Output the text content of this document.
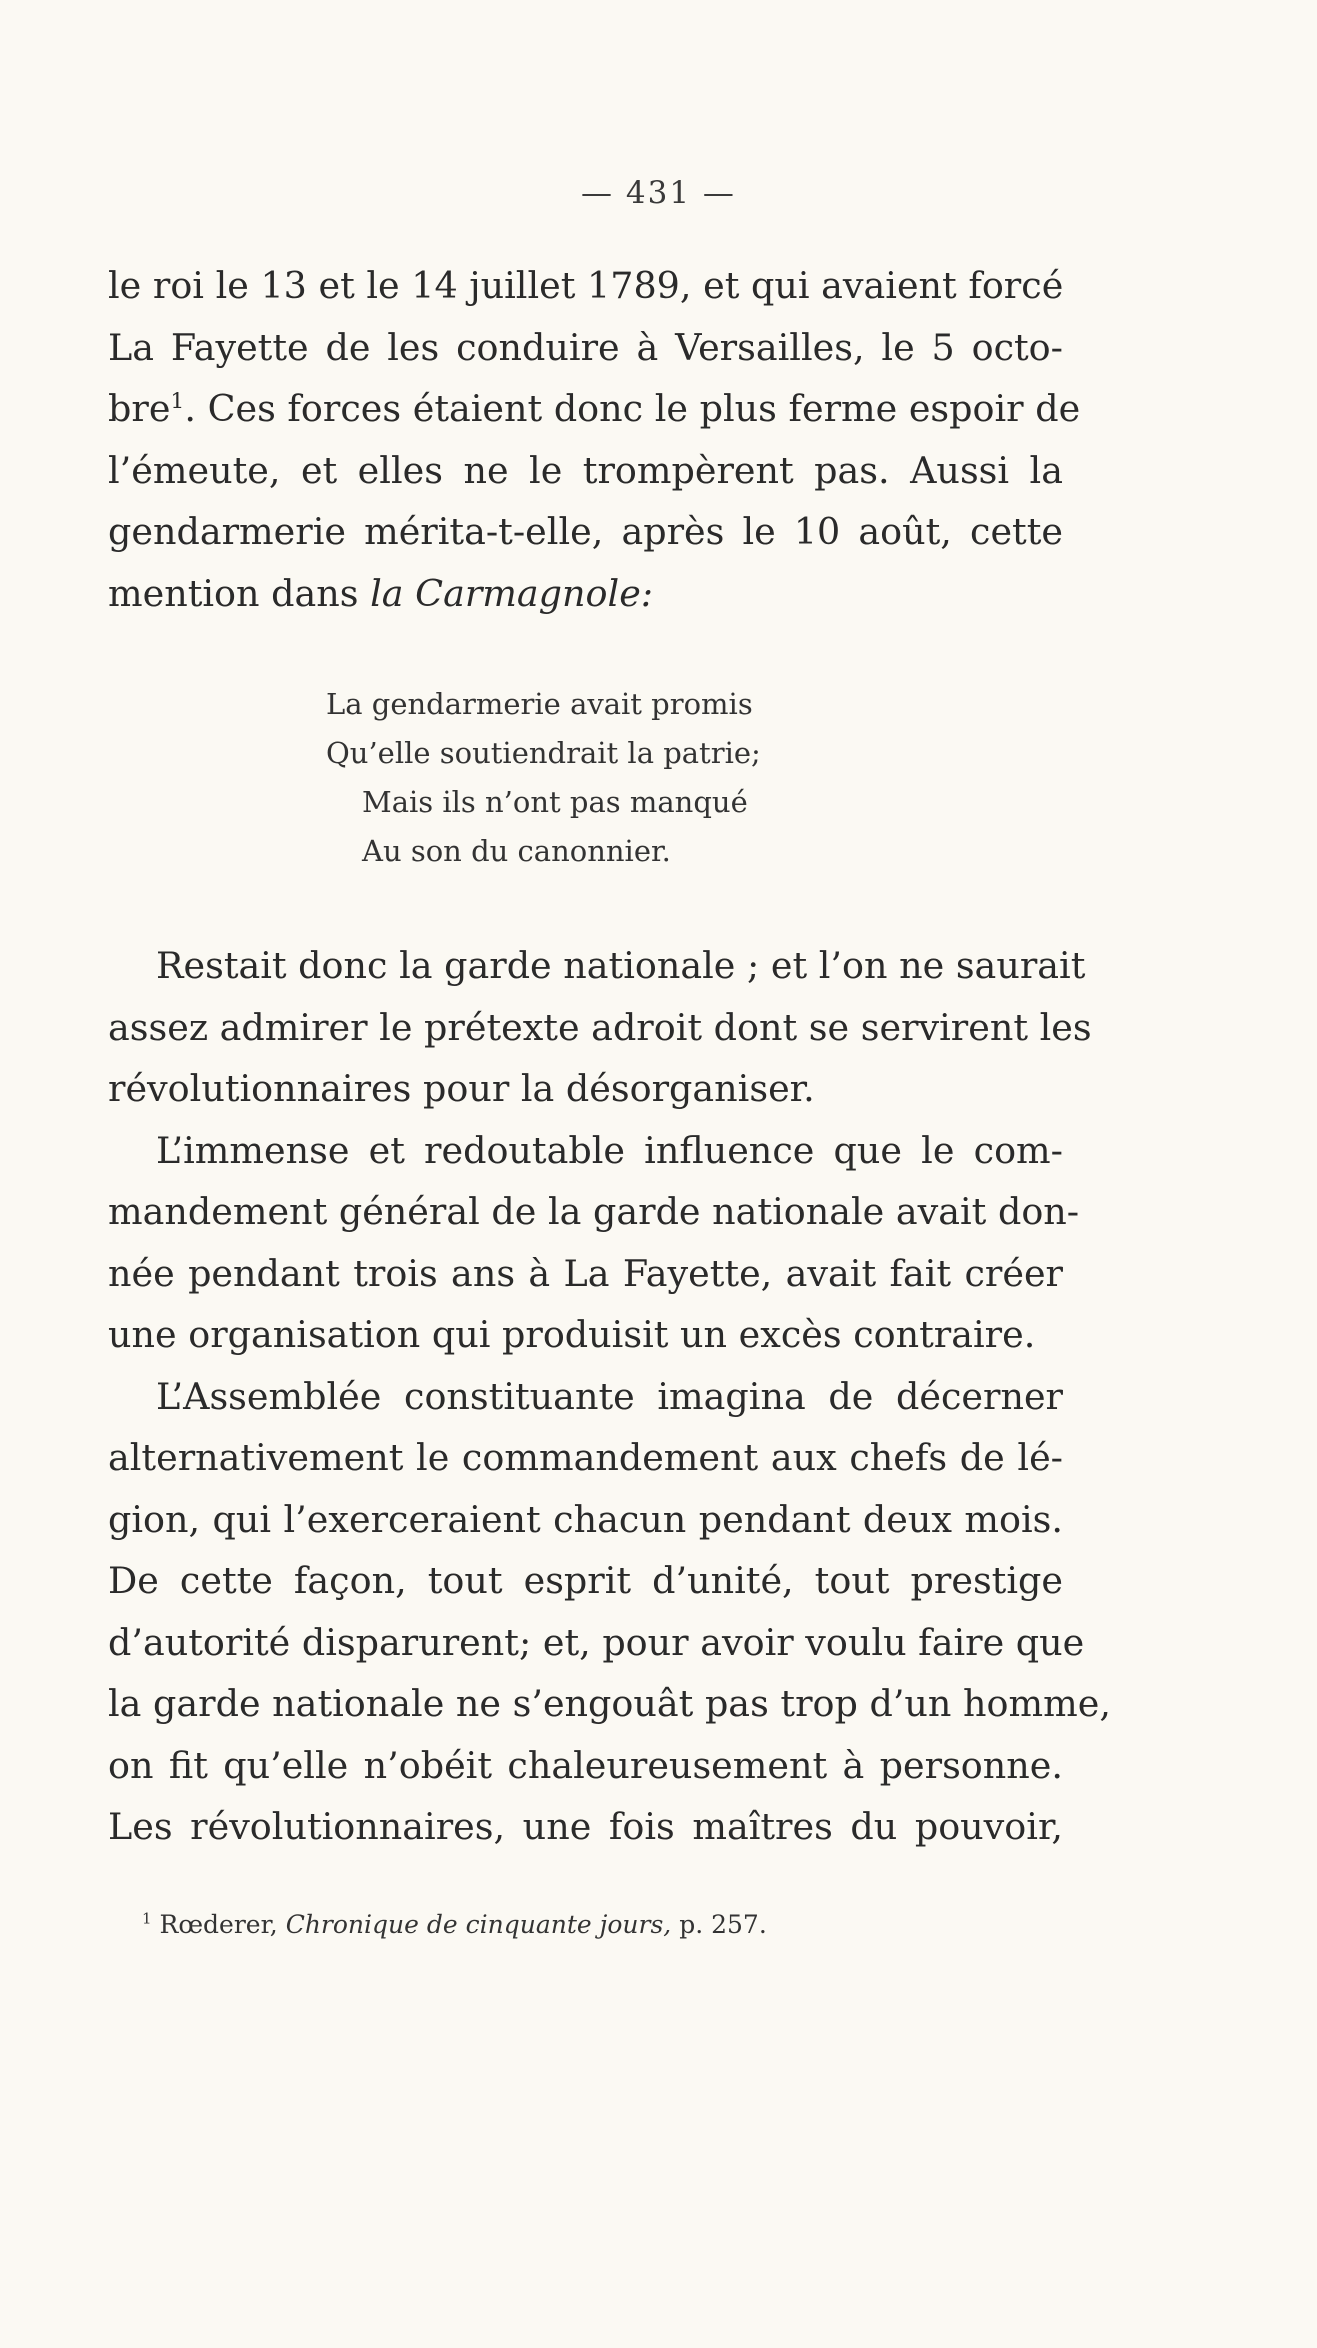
— 431 —
le roi le 13 et le 14 juillet 1789, et qui avaient forcé
La Fayette de les conduire à Versailles, le 5 octo-
bre$^1$. Ces forces étaient donc le plus ferme espoir de
l’émeute, et elles ne le trompèrent pas. Aussi la
gendarmerie mérita-t-elle, après le 10 août, cette
mention dans la Carmagnole:
La gendarmerie avait promis
Qu’elle soutiendrait la patrie;
Mais ils n’ont pas manqué
Au son du canonnier.
Restait donc la garde nationale ; et l’on ne saurait
assez admirer le prétexte adroit dont se servirent les
révolutionnaires pour la désorganiser.
L’immense et redoutable influence que le com-
mandement général de la garde nationale avait don-
née pendant trois ans à La Fayette, avait fait créer
une organisation qui produisit un excès contraire.
L’Assemblée constituante imagina de décerner
alternativement le commandement aux chefs de lé-
gion, qui l’exerceraient chacun pendant deux mois.
De cette façon, tout esprit d’unité, tout prestige
d’autorité disparurent; et, pour avoir voulu faire que
la garde nationale ne s’engouât pas trop d’un homme,
on fit qu’elle n’obéit chaleureusement à personne.
Les révolutionnaires, une fois maîtres du pouvoir,
$^1$ Rœderer, Chronique de cinquante jours, p. 257.
